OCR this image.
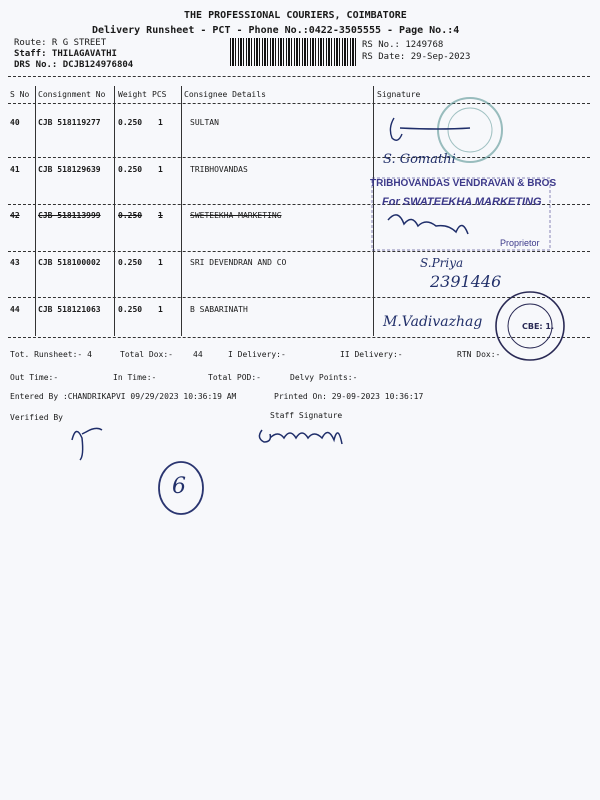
THE PROFESSIONAL COURIERS, COIMBATORE
Delivery Runsheet - PCT - Phone No.:0422-3505555 - Page No.:4
Route: R G STREET
Staff: THILAGAVATHI
DRS No.: DCJB124976804
RS No.: 1249768
RS Date: 29-Sep-2023
S No Consignment No Weight PCS Consignee Details	Signature
40 CJB 518119277 0.250 1	SULTAN
41 CJB 518129639 0.250 1	TRIBHOVANDAS
42 CJB 518113999 0.250 1	SWETEEKHA MARKETING
43 CJB 518100002 0.250 1	SRI DEVENDRAN AND CO
44 CJB 518121063 0.250 1	B SABARINATH
Tot. Runsheet:- 4	Total Dox:-	44	I Delivery:-	II Delivery:-	RTN Dox:-
Out Time:-	In Time:-	Total POD:-	Delvy Points:-
Entered By :CHANDRIKAPVI 09/29/2023 10:36:19 AM	Printed On: 29-09-2023 10:36:17
Verified By	Staff Signature
S. Gomathi
TRIBHOVANDAS VENDRAVAN & BROS
For SWATEEKHA MARKETING
Proprietor
S.Priya
2391446
M.Vadivazhag	CBE: 1.
6
